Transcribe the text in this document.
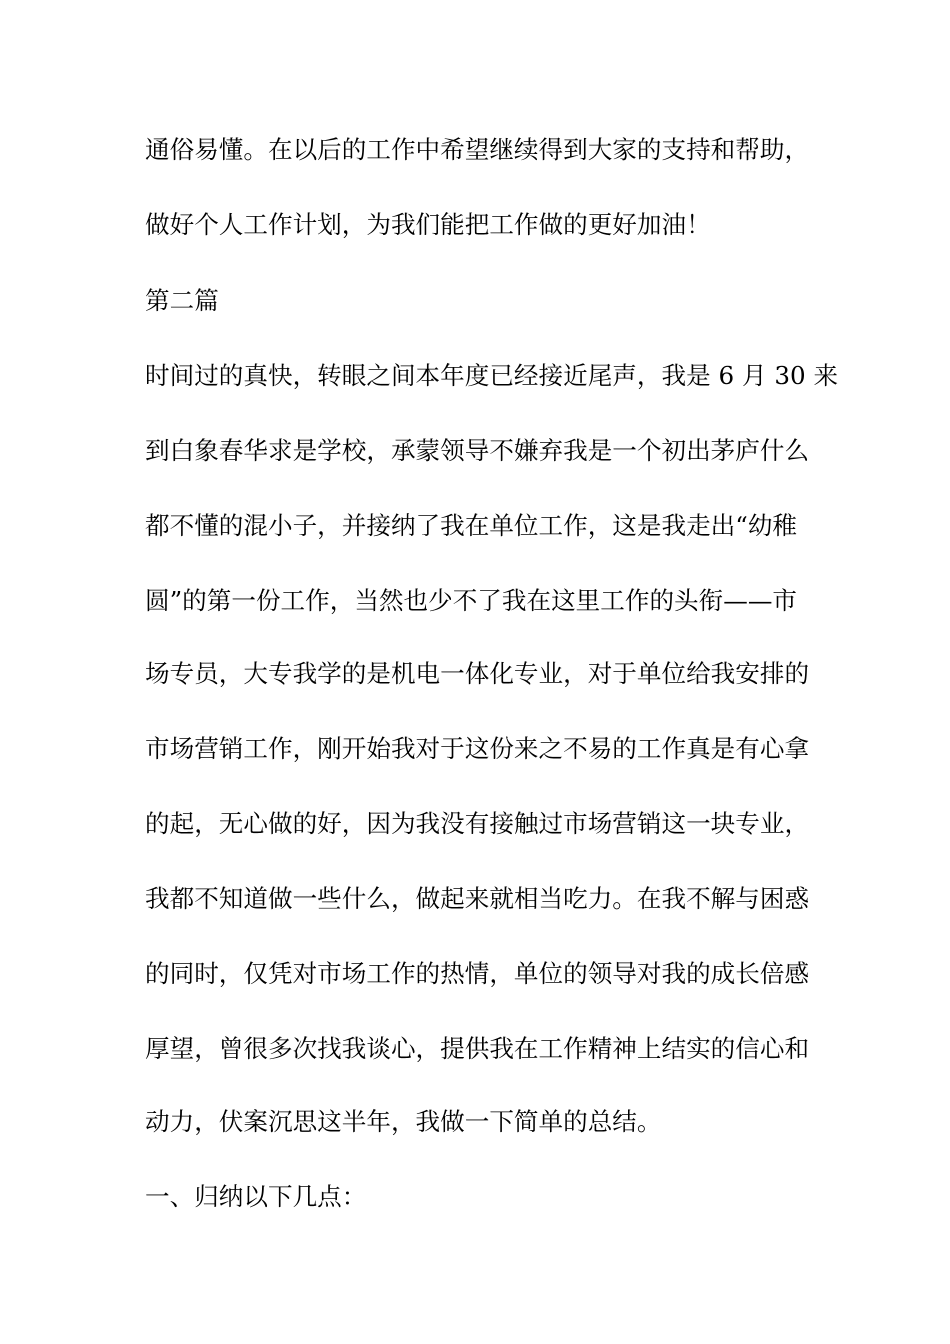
通俗易懂。在以后的工作中希望继续得到大家的支持和帮助，

做好个人工作计划，为我们能把工作做的更好加油！

第二篇

时间过的真快，转眼之间本年度已经接近尾声，我是 6 月 30 来

到白象春华求是学校，承蒙领导不嫌弃我是一个初出茅庐什么

都不懂的混小子，并接纳了我在单位工作，这是我走出“幼稚

圆”的第一份工作，当然也少不了我在这里工作的头衔——市

场专员，大专我学的是机电一体化专业，对于单位给我安排的

市场营销工作，刚开始我对于这份来之不易的工作真是有心拿

的起，无心做的好，因为我没有接触过市场营销这一块专业，

我都不知道做一些什么，做起来就相当吃力。在我不解与困惑

的同时，仅凭对市场工作的热情，单位的领导对我的成长倍感

厚望，曾很多次找我谈心，提供我在工作精神上结实的信心和

动力，伏案沉思这半年，我做一下简单的总结。

一、归纳以下几点：
